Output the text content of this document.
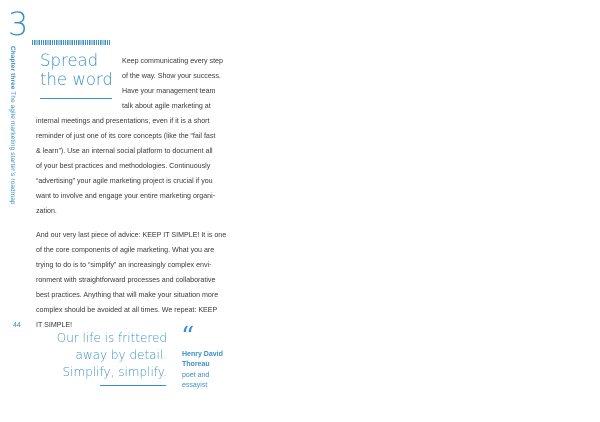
3
Chapter three The agile marketing starter’s roadmap
44
Spread
the word
Keep communicating every step
of the way. Show your success.
Have your management team
talk about agile marketing at
internal meetings and presentations, even if it is a short
reminder of just one of its core concepts (like the “fail fast
& learn”). Use an internal social platform to document all
of your best practices and methodologies. Continuously
“advertising” your agile marketing project is crucial if you
want to involve and engage your entire marketing organi-
zation.
And our very last piece of advice: KEEP IT SIMPLE! It is one
of the core components of agile marketing. What you are
trying to do is to “simplify” an increasingly complex envi-
ronment with straightforward processes and collaborative
best practices. Anything that will make your situation more
complex should be avoided at all times. We repeat: KEEP
IT SIMPLE!
Our life is frittered
away by detail.
Simplify, simplify.
“
Henry David
Thoreau
poet and
essayist
